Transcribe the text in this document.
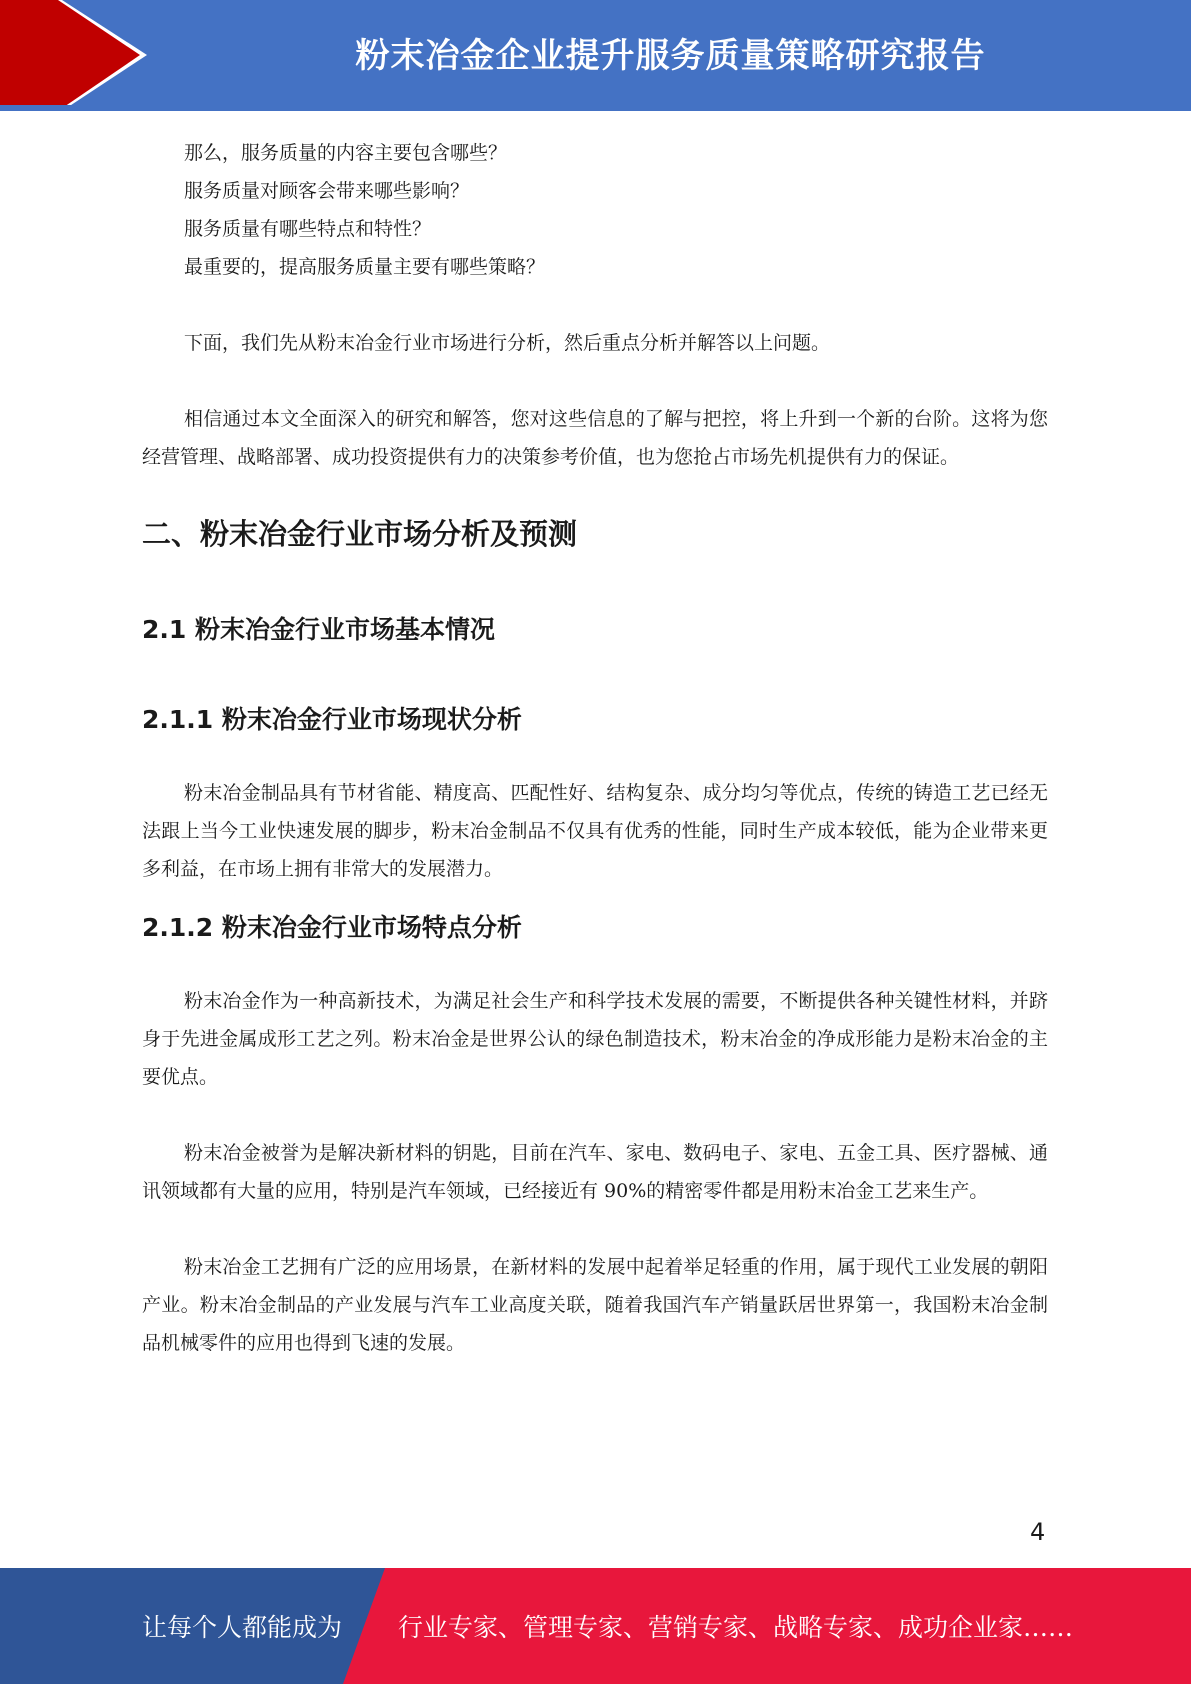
粉末冶金企业提升服务质量策略研究报告

那么，服务质量的内容主要包含哪些？

服务质量对顾客会带来哪些影响？

服务质量有哪些特点和特性？

最重要的，提高服务质量主要有哪些策略？

下面，我们先从粉末冶金行业市场进行分析，然后重点分析并解答以上问题。

相信通过本文全面深入的研究和解答，您对这些信息的了解与把控，将上升到一个新的台阶。这将为您经营管理、战略部署、成功投资提供有力的决策参考价值，也为您抢占市场先机提供有力的保证。

二、粉末冶金行业市场分析及预测
2.1 粉末冶金行业市场基本情况
2.1.1 粉末冶金行业市场现状分析

粉末冶金制品具有节材省能、精度高、匹配性好、结构复杂、成分均匀等优点，传统的铸造工艺已经无法跟上当今工业快速发展的脚步，粉末冶金制品不仅具有优秀的性能，同时生产成本较低，能为企业带来更多利益，在市场上拥有非常大的发展潜力。

2.1.2 粉末冶金行业市场特点分析

粉末冶金作为一种高新技术，为满足社会生产和科学技术发展的需要，不断提供各种关键性材料，并跻身于先进金属成形工艺之列。粉末冶金是世界公认的绿色制造技术，粉末冶金的净成形能力是粉末冶金的主要优点。

粉末冶金被誉为是解决新材料的钥匙，目前在汽车、家电、数码电子、家电、五金工具、医疗器械、通讯领域都有大量的应用，特别是汽车领域，已经接近有 90%的精密零件都是用粉末冶金工艺来生产。

粉末冶金工艺拥有广泛的应用场景，在新材料的发展中起着举足轻重的作用，属于现代工业发展的朝阳产业。粉末冶金制品的产业发展与汽车工业高度关联，随着我国汽车产销量跃居世界第一，我国粉末冶金制品机械零件的应用也得到飞速的发展。

4
让每个人都能成为 行业专家、管理专家、营销专家、战略专家、成功企业家……
